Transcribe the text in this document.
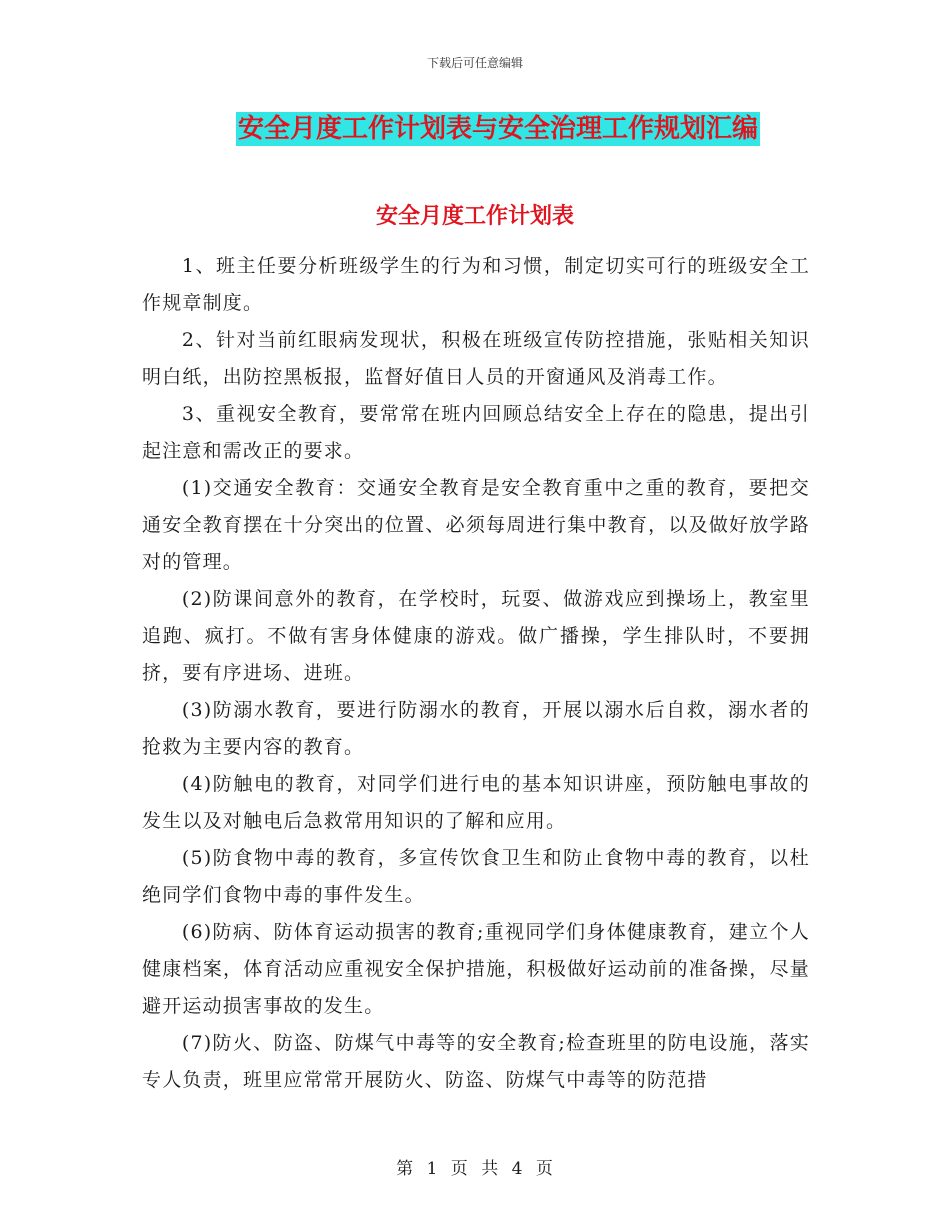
下载后可任意编辑
安全月度工作计划表与安全治理工作规划汇编
安全月度工作计划表

1、班主任要分析班级学生的行为和习惯，制定切实可行的班级安全工作规章制度。

2、针对当前红眼病发现状，积极在班级宣传防控措施，张贴相关知识明白纸，出防控黑板报，监督好值日人员的开窗通风及消毒工作。

3、重视安全教育，要常常在班内回顾总结安全上存在的隐患，提出引起注意和需改正的要求。

(1)交通安全教育：交通安全教育是安全教育重中之重的教育，要把交通安全教育摆在十分突出的位置、必须每周进行集中教育，以及做好放学路对的管理。

(2)防课间意外的教育，在学校时，玩耍、做游戏应到操场上，教室里追跑、疯打。不做有害身体健康的游戏。做广播操，学生排队时，不要拥挤，要有序进场、进班。

(3)防溺水教育，要进行防溺水的教育，开展以溺水后自救，溺水者的抢救为主要内容的教育。

(4)防触电的教育，对同学们进行电的基本知识讲座，预防触电事故的发生以及对触电后急救常用知识的了解和应用。

(5)防食物中毒的教育，多宣传饮食卫生和防止食物中毒的教育，以杜绝同学们食物中毒的事件发生。

(6)防病、防体育运动损害的教育;重视同学们身体健康教育，建立个人健康档案，体育活动应重视安全保护措施，积极做好运动前的准备操，尽量避开运动损害事故的发生。

(7)防火、防盗、防煤气中毒等的安全教育;检查班里的防电设施，落实专人负责，班里应常常开展防火、防盗、防煤气中毒等的防范措

第 1 页 共 4 页
